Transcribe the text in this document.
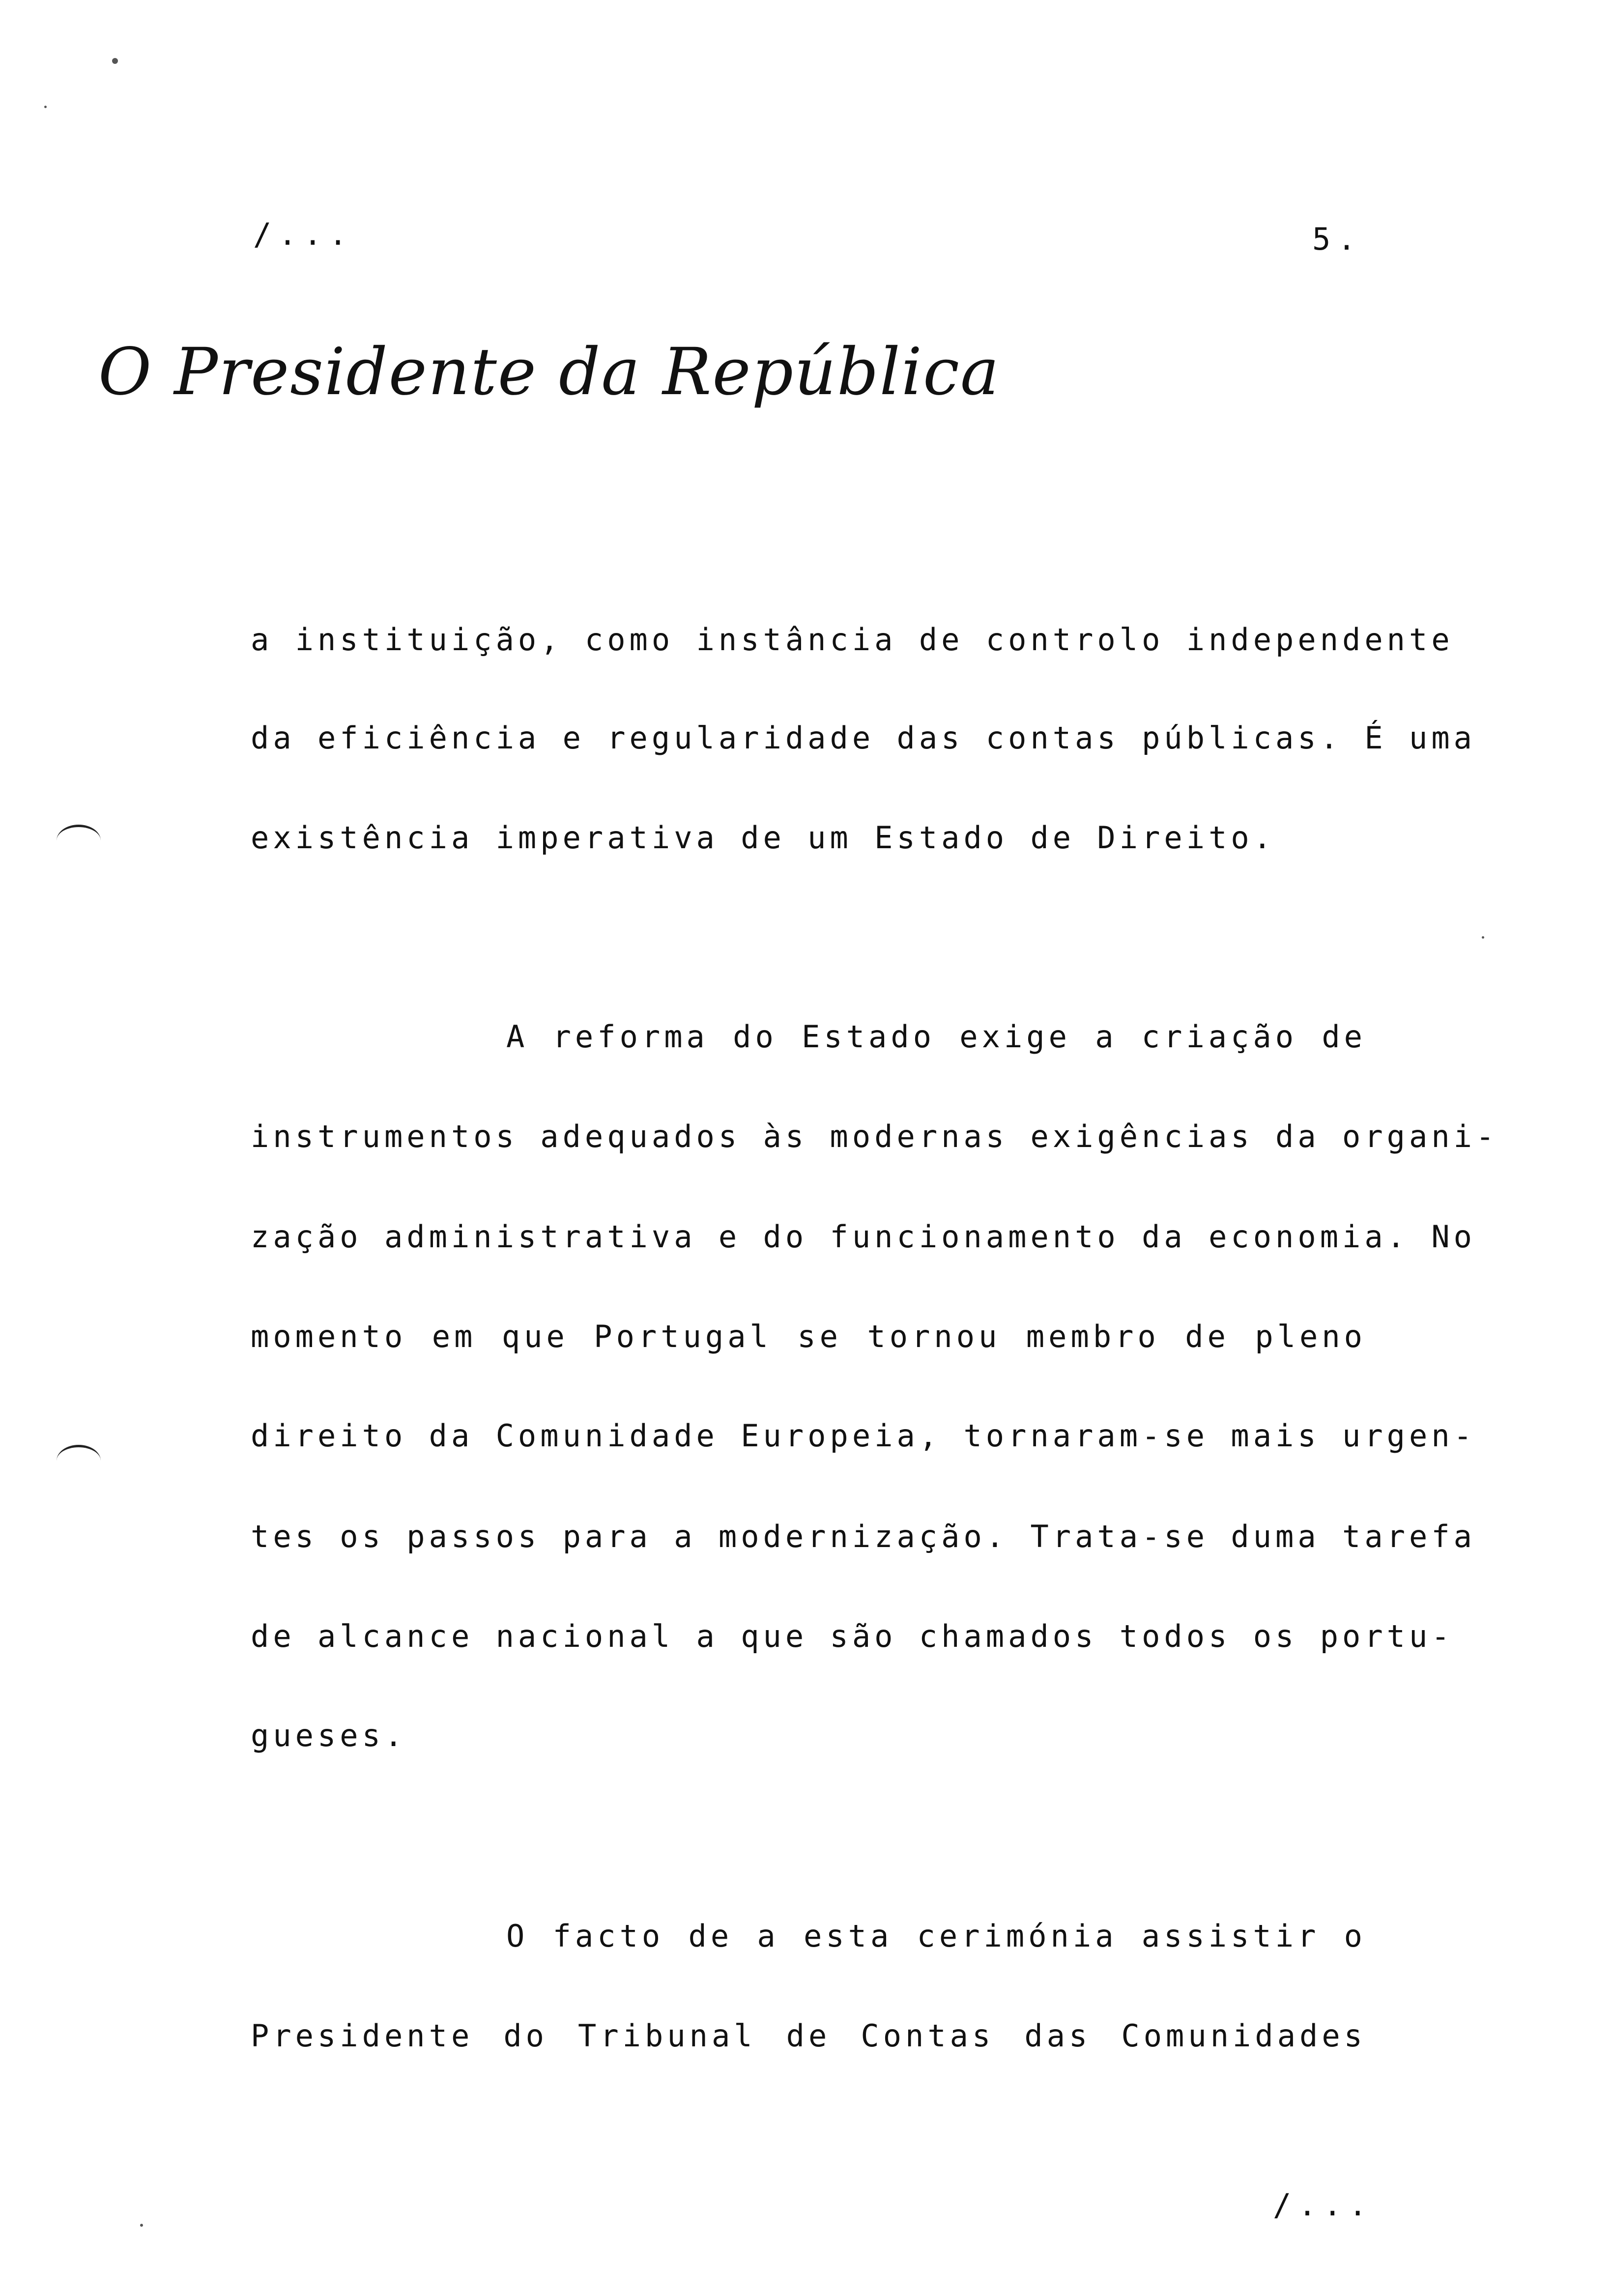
/...	5.
O Presidente da República
a instituição, como instância de controlo independente
da eficiência e regularidade das contas públicas. É uma
existência imperativa de um Estado de Direito.
A reforma do Estado exige a criação de
instrumentos adequados às modernas exigências da organi-
zação administrativa e do funcionamento da economia. No
momento em que Portugal se tornou membro de pleno
direito da Comunidade Europeia, tornaram-se mais urgen-
tes os passos para a modernização. Trata-se duma tarefa
de alcance nacional a que são chamados todos os portu-
gueses.
O facto de a esta cerimónia assistir o
Presidente do Tribunal de Contas das Comunidades
/...
